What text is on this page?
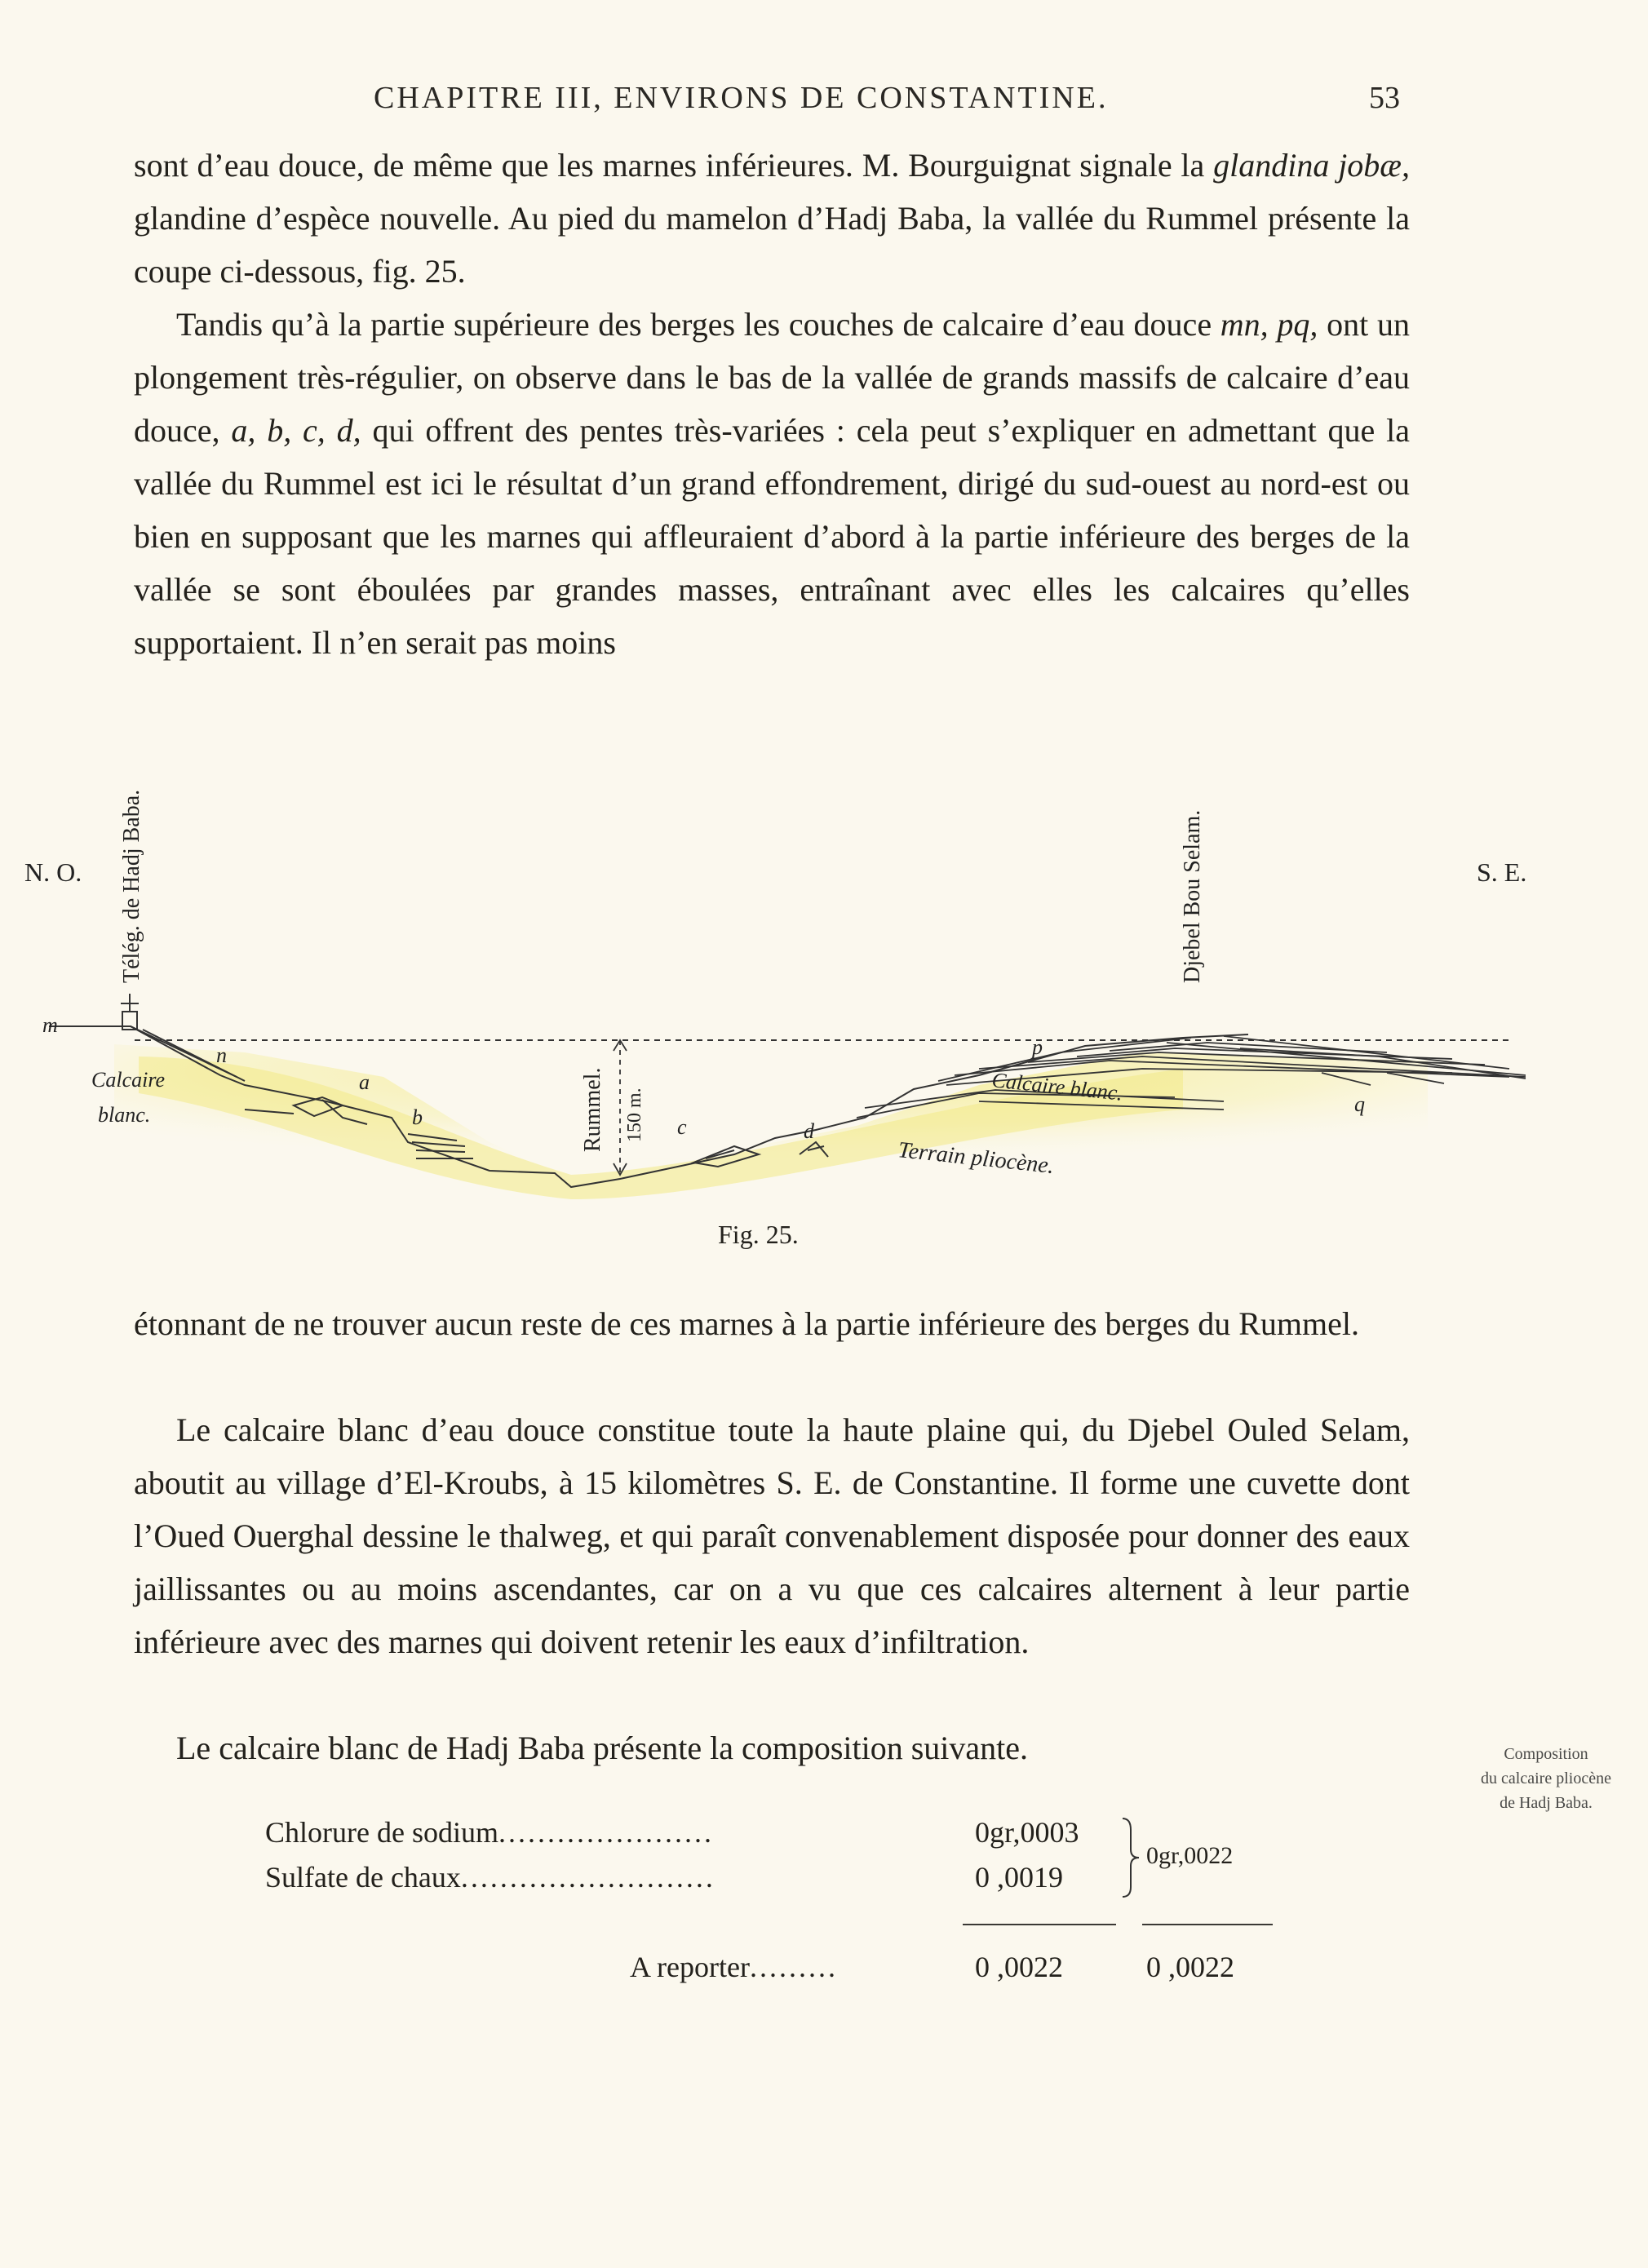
CHAPITRE III, ENVIRONS DE CONSTANTINE.	53

sont d’eau douce, de même que les marnes inférieures. M. Bourguignat signale la glandina jobæ, glandine d’espèce nouvelle. Au pied du mamelon d’Hadj Baba, la vallée du Rummel présente la coupe ci-dessous, fig. 25.

Tandis qu’à la partie supérieure des berges les couches de calcaire d’eau douce mn, pq, ont un plongement très-régulier, on observe dans le bas de la vallée de grands massifs de calcaire d’eau douce, a, b, c, d, qui offrent des pentes très-variées : cela peut s’expliquer en admettant que la vallée du Rummel est ici le résultat d’un grand effondrement, dirigé du sud-ouest au nord-est ou bien en supposant que les marnes qui affleuraient d’abord à la partie inférieure des berges de la vallée se sont éboulées par grandes masses, entraînant avec elles les calcaires qu’elles supportaient. Il n’en serait pas moins

N. O.	S. E.
Télég. de Hadj Baba.	Djebel Bou Selam.
Rummel. 150 m.
Calcaire
blanc.
Calcaire blanc.
Terrain pliocène.
m
n
a
b	c	d
p
q
Fig. 25.

étonnant de ne trouver aucun reste de ces marnes à la partie inférieure des berges du Rummel.

Le calcaire blanc d’eau douce constitue toute la haute plaine qui, du Djebel Ouled Selam, aboutit au village d’El-Kroubs, à 15 kilomètres S. E. de Constantine. Il forme une cuvette dont l’Oued Ouerghal dessine le thalweg, et qui paraît convenablement disposée pour donner des eaux jaillissantes ou au moins ascendantes, car on a vu que ces calcaires alternent à leur partie inférieure avec des marnes qui doivent retenir les eaux d’infiltration.

Le calcaire blanc de Hadj Baba présente la composition suivante.	Composition
du calcaire pliocène
de Hadj Baba.
Chlorure de sodium......................	0gr,0003
Sulfate de chaux..........................	0 ,0019
0gr,0022
A reporter.........	0 ,0022	0 ,0022
